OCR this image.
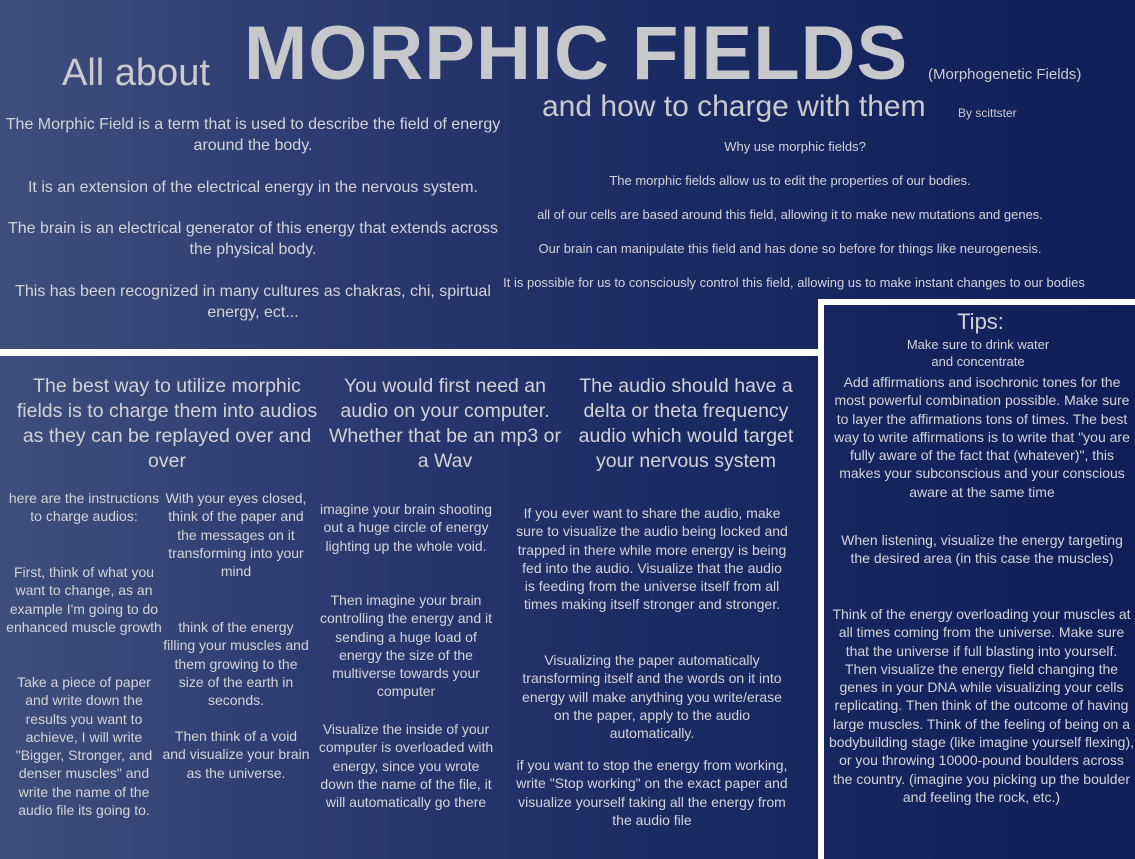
All about MORPHIC FIELDS (Morphogenetic Fields)
and how to charge with them	By scittster
The Morphic Field is a term that is used to describe the field of energy around the body.
It is an extension of the electrical energy in the nervous system.
The brain is an electrical generator of this energy that extends across the physical body.
This has been recognized in many cultures as chakras, chi, spirtual energy, ect...
Why use morphic fields?
The morphic fields allow us to edit the properties of our bodies.
all of our cells are based around this field, allowing it to make new mutations and genes.
Our brain can manipulate this field and has done so before for things like neurogenesis.
It is possible for us to consciously control this field, allowing us to make instant changes to our bodies
The best way to utilize morphic fields is to charge them into audios as they can be replayed over and over
You would first need an audio on your computer. Whether that be an mp3 or a Wav
The audio should have a delta or theta frequency audio which would target your nervous system
here are the instructions to charge audios:
First, think of what you want to change, as an example I'm going to do enhanced muscle growth
Take a piece of paper and write down the results you want to achieve, I will write "Bigger, Stronger, and denser muscles" and write the name of the audio file its going to.
With your eyes closed, think of the paper and the messages on it transforming into your mind
think of the energy filling your muscles and them growing to the size of the earth in seconds.
Then think of a void and visualize your brain as the universe.
imagine your brain shooting out a huge circle of energy lighting up the whole void.
Then imagine your brain controlling the energy and it sending a huge load of energy the size of the multiverse towards your computer
Visualize the inside of your computer is overloaded with energy, since you wrote down the name of the file, it will automatically go there
If you ever want to share the audio, make sure to visualize the audio being locked and trapped in there while more energy is being fed into the audio. Visualize that the audio is feeding from the universe itself from all times making itself stronger and stronger.
Visualizing the paper automatically transforming itself and the words on it into energy will make anything you write/erase on the paper, apply to the audio automatically.
if you want to stop the energy from working, write "Stop working" on the exact paper and visualize yourself taking all the energy from the audio file
Tips:
Make sure to drink water and concentrate
Add affirmations and isochronic tones for the most powerful combination possible. Make sure to layer the affirmations tons of times. The best way to write affirmations is to write that "you are fully aware of the fact that (whatever)", this makes your subconscious and your conscious aware at the same time
When listening, visualize the energy targeting the desired area (in this case the muscles)
Think of the energy overloading your muscles at all times coming from the universe. Make sure that the universe if full blasting into yourself. Then visualize the energy field changing the genes in your DNA while visualizing your cells replicating. Then think of the outcome of having large muscles. Think of the feeling of being on a bodybuilding stage (like imagine yourself flexing), or you throwing 10000-pound boulders across the country. (imagine you picking up the boulder and feeling the rock, etc.)
